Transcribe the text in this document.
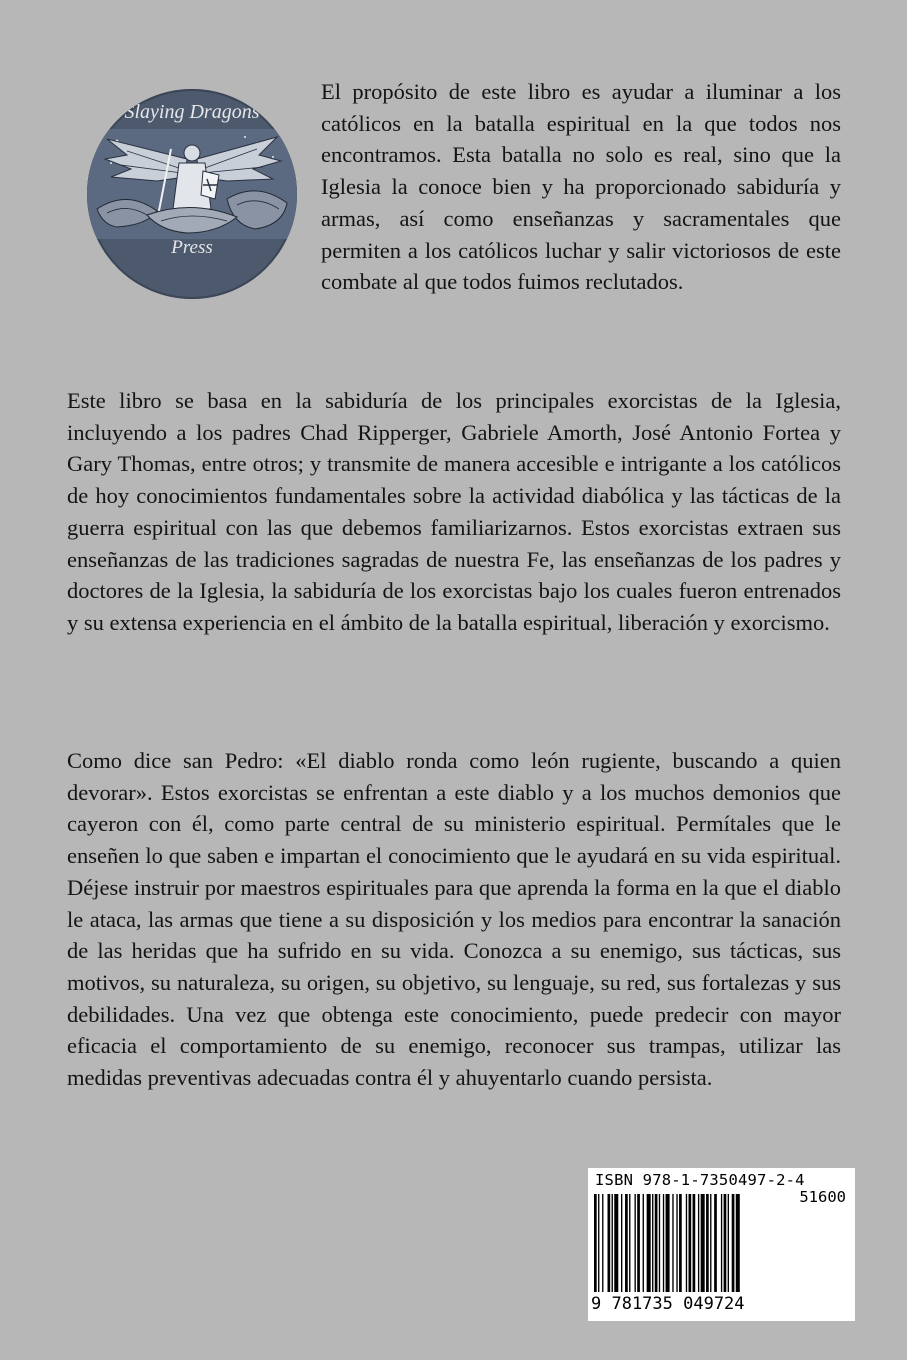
Slaying Dragons
Press

El propósito de este libro es ayudar a iluminar a los católicos en la batalla espiritual en la que todos nos encontramos. Esta batalla no solo es real, sino que la Iglesia la conoce bien y ha proporcionado sabiduría y armas, así como enseñanzas y sacramentales que permiten a los católicos luchar y salir victoriosos de este combate al que todos fuimos reclutados.

Este libro se basa en la sabiduría de los principales exorcistas de la Iglesia, incluyendo a los padres Chad Ripperger, Gabriele Amorth, José Antonio Fortea y Gary Thomas, entre otros; y transmite de manera accesible e intrigante a los católicos de hoy conocimientos fundamentales sobre la actividad diabólica y las tácticas de la guerra espiritual con las que debemos familiarizarnos. Estos exorcistas extraen sus enseñanzas de las tradiciones sagradas de nuestra Fe, las enseñanzas de los padres y doctores de la Iglesia, la sabiduría de los exorcistas bajo los cuales fueron entrenados y su extensa experiencia en el ámbito de la batalla espiritual, liberación y exorcismo.

Como dice san Pedro: «El diablo ronda como león rugiente, buscando a quien devorar». Estos exorcistas se enfrentan a este diablo y a los muchos demonios que cayeron con él, como parte central de su ministerio espiritual. Permítales que le enseñen lo que saben e impartan el conocimiento que le ayudará en su vida espiritual. Déjese instruir por maestros espirituales para que aprenda la forma en la que el diablo le ataca, las armas que tiene a su disposición y los medios para encontrar la sanación de las heridas que ha sufrido en su vida. Conozca a su enemigo, sus tácticas, sus motivos, su naturaleza, su origen, su objetivo, su lenguaje, su red, sus fortalezas y sus debilidades. Una vez que obtenga este conocimiento, puede predecir con mayor eficacia el comportamiento de su enemigo, reconocer sus trampas, utilizar las medidas preventivas adecuadas contra él y ahuyentarlo cuando persista.

ISBN 978-1-7350497-2-4
51600
9 781735 049724
